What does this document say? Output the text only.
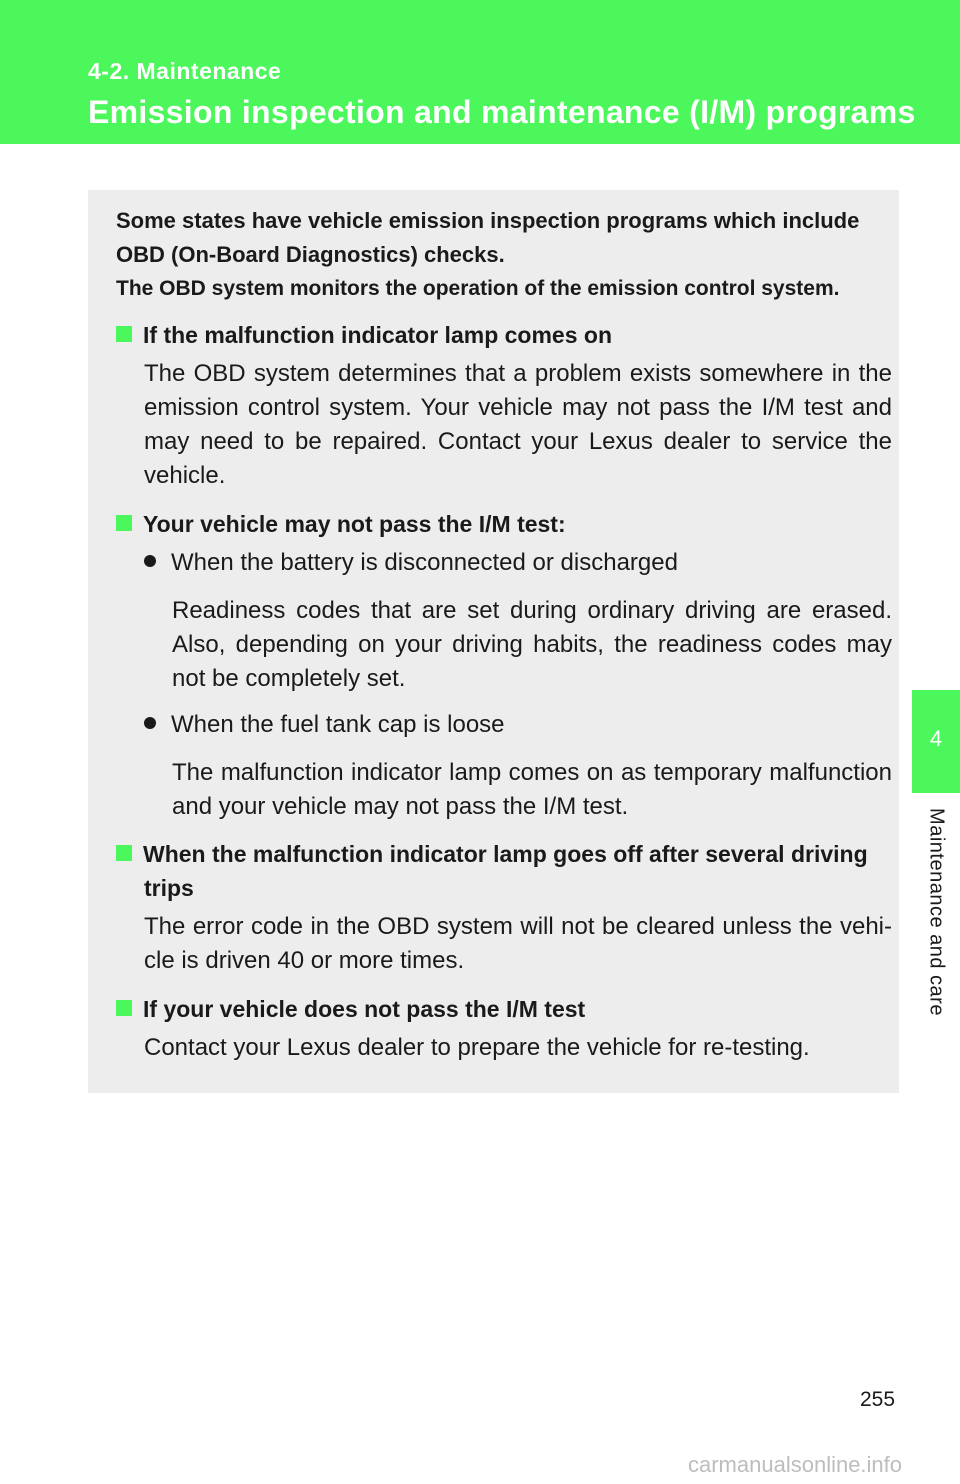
4-2. Maintenance
Emission inspection and maintenance (I/M) programs
4
Maintenance and care

Some states have vehicle emission inspection programs which include OBD (On-Board Diagnostics) checks.

The OBD system monitors the operation of the emission control system.

If the malfunction indicator lamp comes on
The OBD system determines that a problem exists somewhere in the emission control system. Your vehicle may not pass the I/M test and may need to be repaired. Contact your Lexus dealer to service the vehicle.
Your vehicle may not pass the I/M test:
When the battery is disconnected or discharged
Readiness codes that are set during ordinary driving are erased. Also, depending on your driving habits, the readiness codes may not be completely set.
When the fuel tank cap is loose
The malfunction indicator lamp comes on as temporary malfunction and your vehicle may not pass the I/M test.
When the malfunction indicator lamp goes off after several driving
trips
The error code in the OBD system will not be cleared unless the vehi-cle is driven 40 or more times.
If your vehicle does not pass the I/M test
Contact your Lexus dealer to prepare the vehicle for re-testing.
255
carmanualsonline.info
